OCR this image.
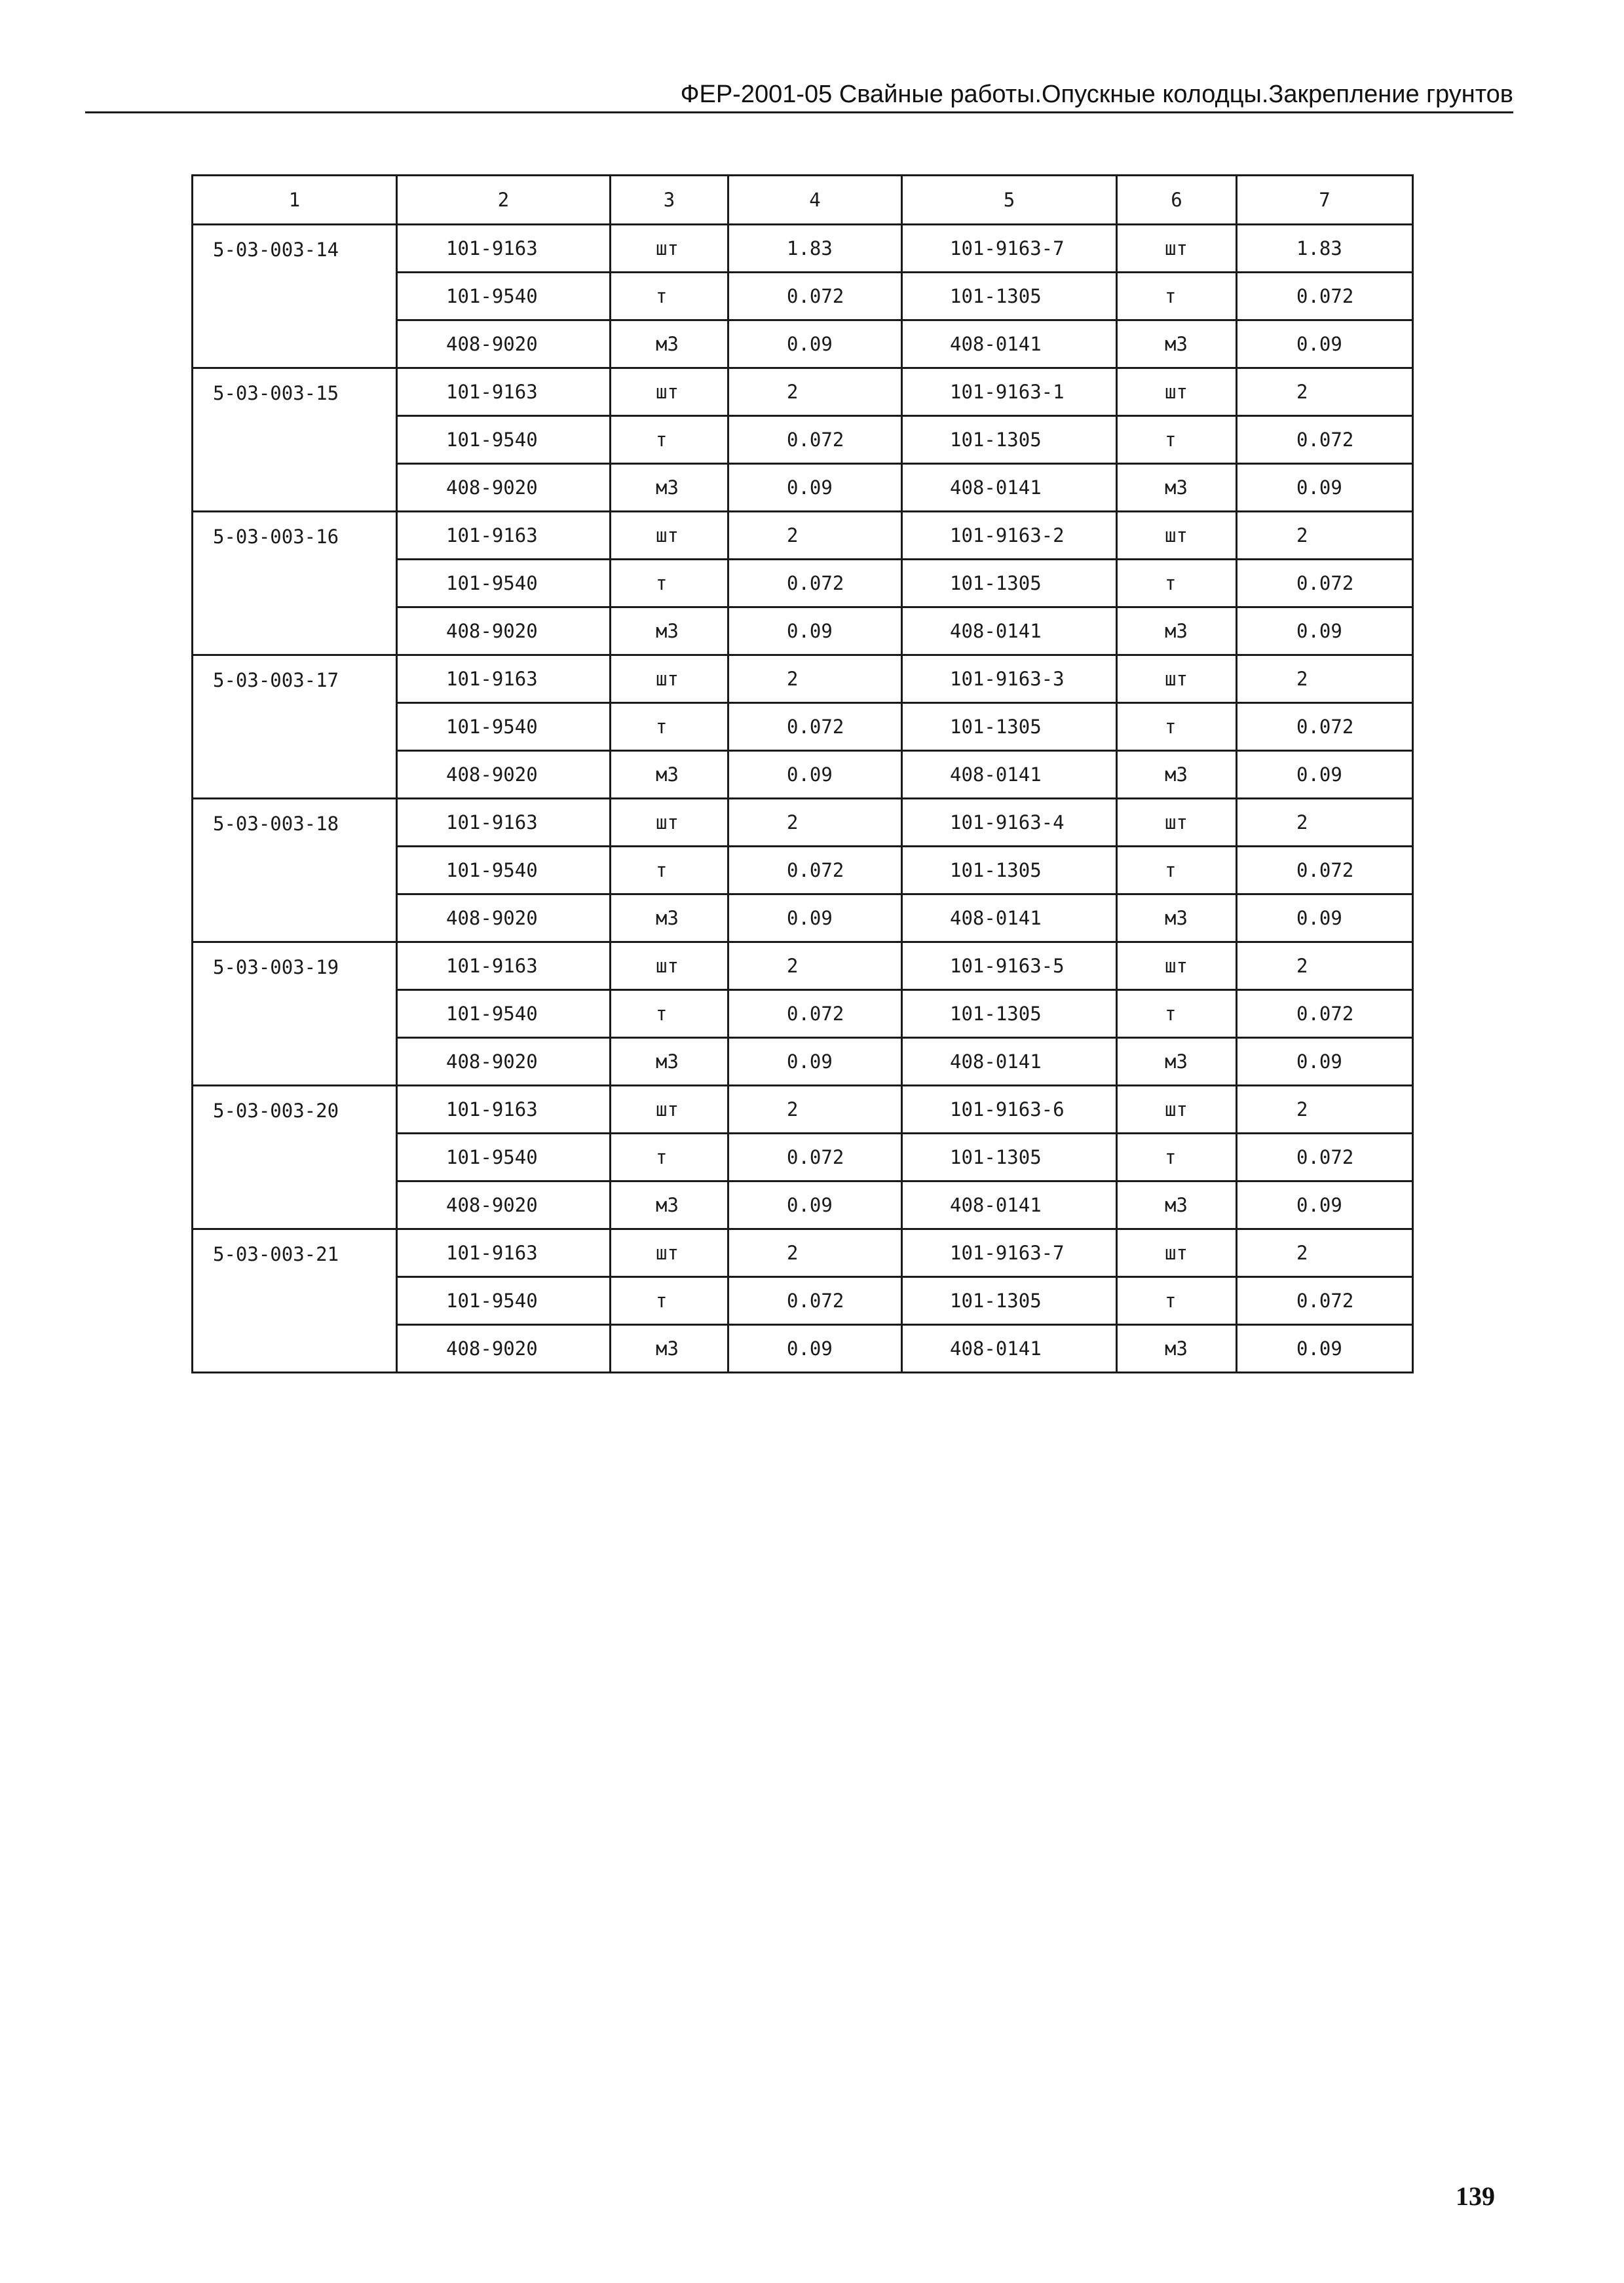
ФЕР-2001-05 Свайные работы.Опускные колодцы.Закрепление грунтов
1	2	3	4	5	6	7
5-03-003-14	101-9163	шт	1.83	101-9163-7	шт	1.83
	101-9540	т	0.072	101-1305	т	0.072
	408-9020	м3	0.09	408-0141	м3	0.09
5-03-003-15	101-9163	шт	2	101-9163-1	шт	2
	101-9540	т	0.072	101-1305	т	0.072
	408-9020	м3	0.09	408-0141	м3	0.09
5-03-003-16	101-9163	шт	2	101-9163-2	шт	2
	101-9540	т	0.072	101-1305	т	0.072
	408-9020	м3	0.09	408-0141	м3	0.09
5-03-003-17	101-9163	шт	2	101-9163-3	шт	2
	101-9540	т	0.072	101-1305	т	0.072
	408-9020	м3	0.09	408-0141	м3	0.09
5-03-003-18	101-9163	шт	2	101-9163-4	шт	2
	101-9540	т	0.072	101-1305	т	0.072
	408-9020	м3	0.09	408-0141	м3	0.09
5-03-003-19	101-9163	шт	2	101-9163-5	шт	2
	101-9540	т	0.072	101-1305	т	0.072
	408-9020	м3	0.09	408-0141	м3	0.09
5-03-003-20	101-9163	шт	2	101-9163-6	шт	2
	101-9540	т	0.072	101-1305	т	0.072
	408-9020	м3	0.09	408-0141	м3	0.09
5-03-003-21	101-9163	шт	2	101-9163-7	шт	2
	101-9540	т	0.072	101-1305	т	0.072
	408-9020	м3	0.09	408-0141	м3	0.09
139
